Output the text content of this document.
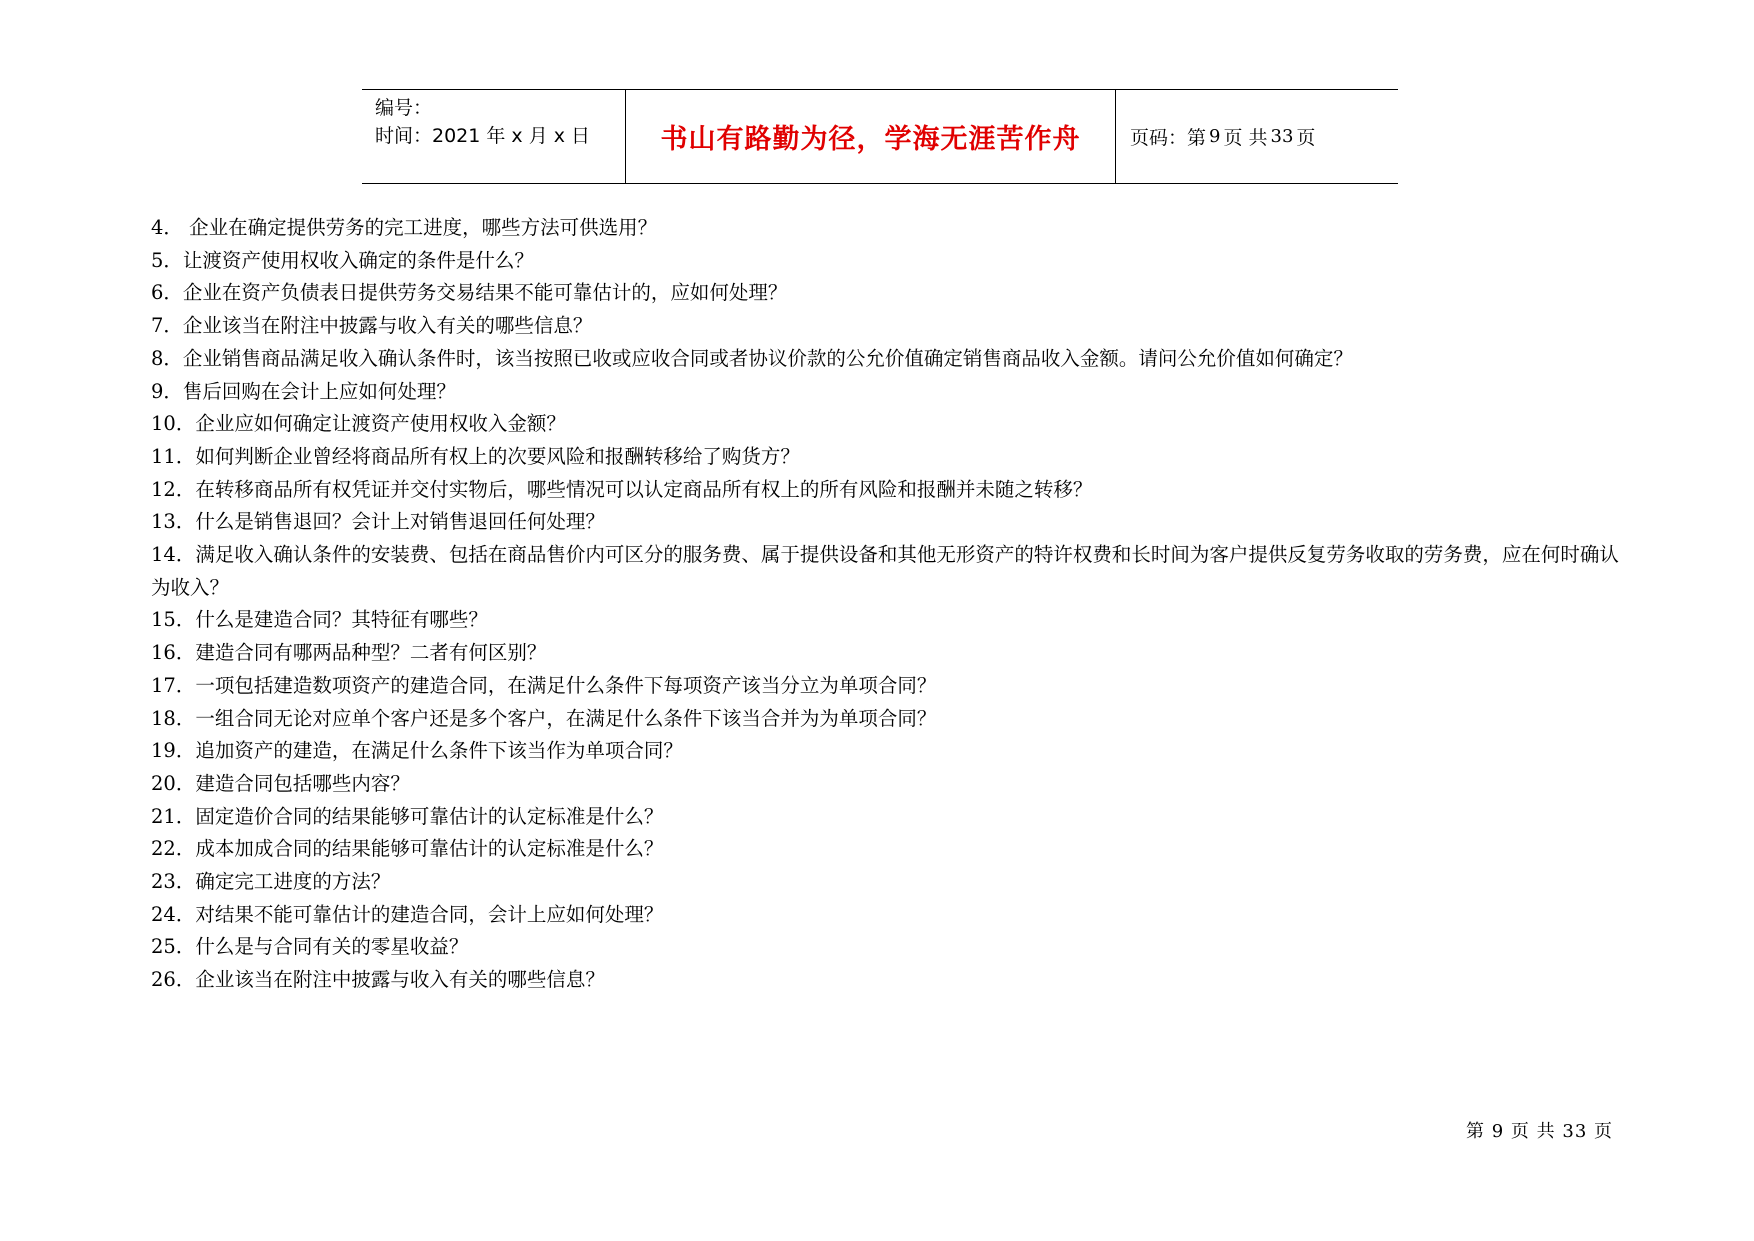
编号：
时间：2021 年 x 月 x 日	书山有路勤为径，学海无涯苦作舟	页码：第 9 页 共 33 页

4． 企业在确定提供劳务的完工进度，哪些方法可供选用？

5．让渡资产使用权收入确定的条件是什么？

6．企业在资产负债表日提供劳务交易结果不能可靠估计的，应如何处理？

7．企业该当在附注中披露与收入有关的哪些信息？

8．企业销售商品满足收入确认条件时，该当按照已收或应收合同或者协议价款的公允价值确定销售商品收入金额。请问公允价值如何确定？

9．售后回购在会计上应如何处理？

10．企业应如何确定让渡资产使用权收入金额？

11．如何判断企业曾经将商品所有权上的次要风险和报酬转移给了购货方？

12．在转移商品所有权凭证并交付实物后，哪些情况可以认定商品所有权上的所有风险和报酬并未随之转移？

13．什么是销售退回？会计上对销售退回任何处理？

14．满足收入确认条件的安装费、包括在商品售价内可区分的服务费、属于提供设备和其他无形资产的特许权费和长时间为客户提供反复劳务收取的劳务费，应在何时确认为收入？

15．什么是建造合同？其特征有哪些？

16．建造合同有哪两品种型？二者有何区别？

17．一项包括建造数项资产的建造合同，在满足什么条件下每项资产该当分立为单项合同？

18．一组合同无论对应单个客户还是多个客户，在满足什么条件下该当合并为为单项合同？

19．追加资产的建造，在满足什么条件下该当作为单项合同？

20．建造合同包括哪些内容？

21．固定造价合同的结果能够可靠估计的认定标准是什么？

22．成本加成合同的结果能够可靠估计的认定标准是什么？

23．确定完工进度的方法？

24．对结果不能可靠估计的建造合同，会计上应如何处理？

25．什么是与合同有关的零星收益？

26．企业该当在附注中披露与收入有关的哪些信息？

第 9 页 共 33 页
